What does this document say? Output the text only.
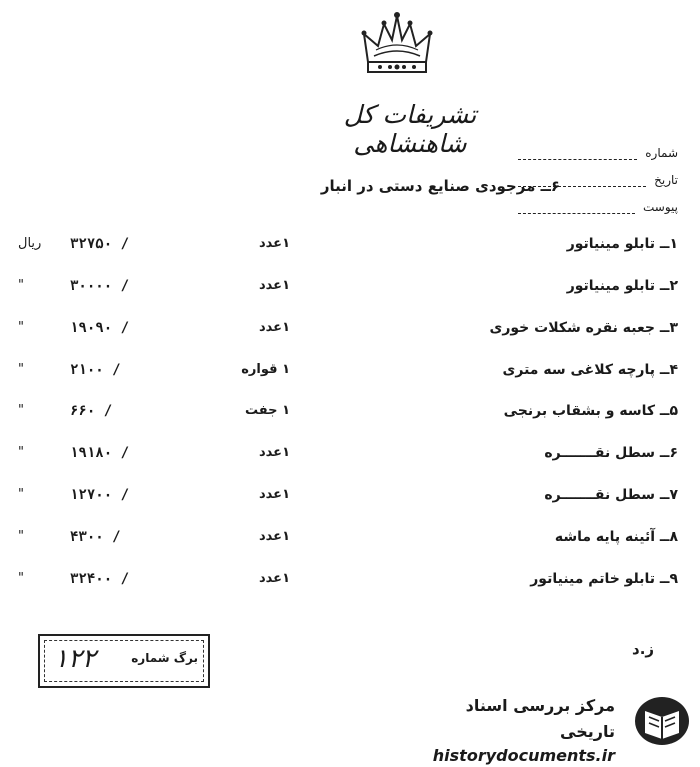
تشریفات کل شاهنشاهی	شماره
تاریخ
پیوست
۶ــ مرجودی صنایع دستی در انبار
۱ــ تابلو مینیاتور
۱عدد
۳۲۷۵۰ /
ریال
۲ــ تابلو مینیاتور
۱عدد
۳۰۰۰۰ /
"
۳ــ جعبه نقره شکلات خوری
۱عدد
۱۹۰۹۰ /
"
۴ــ پارچه کلاغی سه متری
۱ قواره
۲۱۰۰ /
"
۵ــ کاسه و بشقاب برنجی
۱ جفت
۶۶۰ /
"
۶ــ سطل نقـــــــره
۱عدد
۱۹۱۸۰ /
"
۷ــ سطل نقـــــــره
۱عدد
۱۲۷۰۰ /
"
۸ــ آئینه پایه ماشه
۱عدد
۴۳۰۰ /
"
۹ــ تابلو خاتم مینیاتور
۱عدد
۳۲۴۰۰ /
"
ز.د
برگ شماره
۱۲۲
مرکز بررسی اسناد تاریخی
historydocuments.ir
